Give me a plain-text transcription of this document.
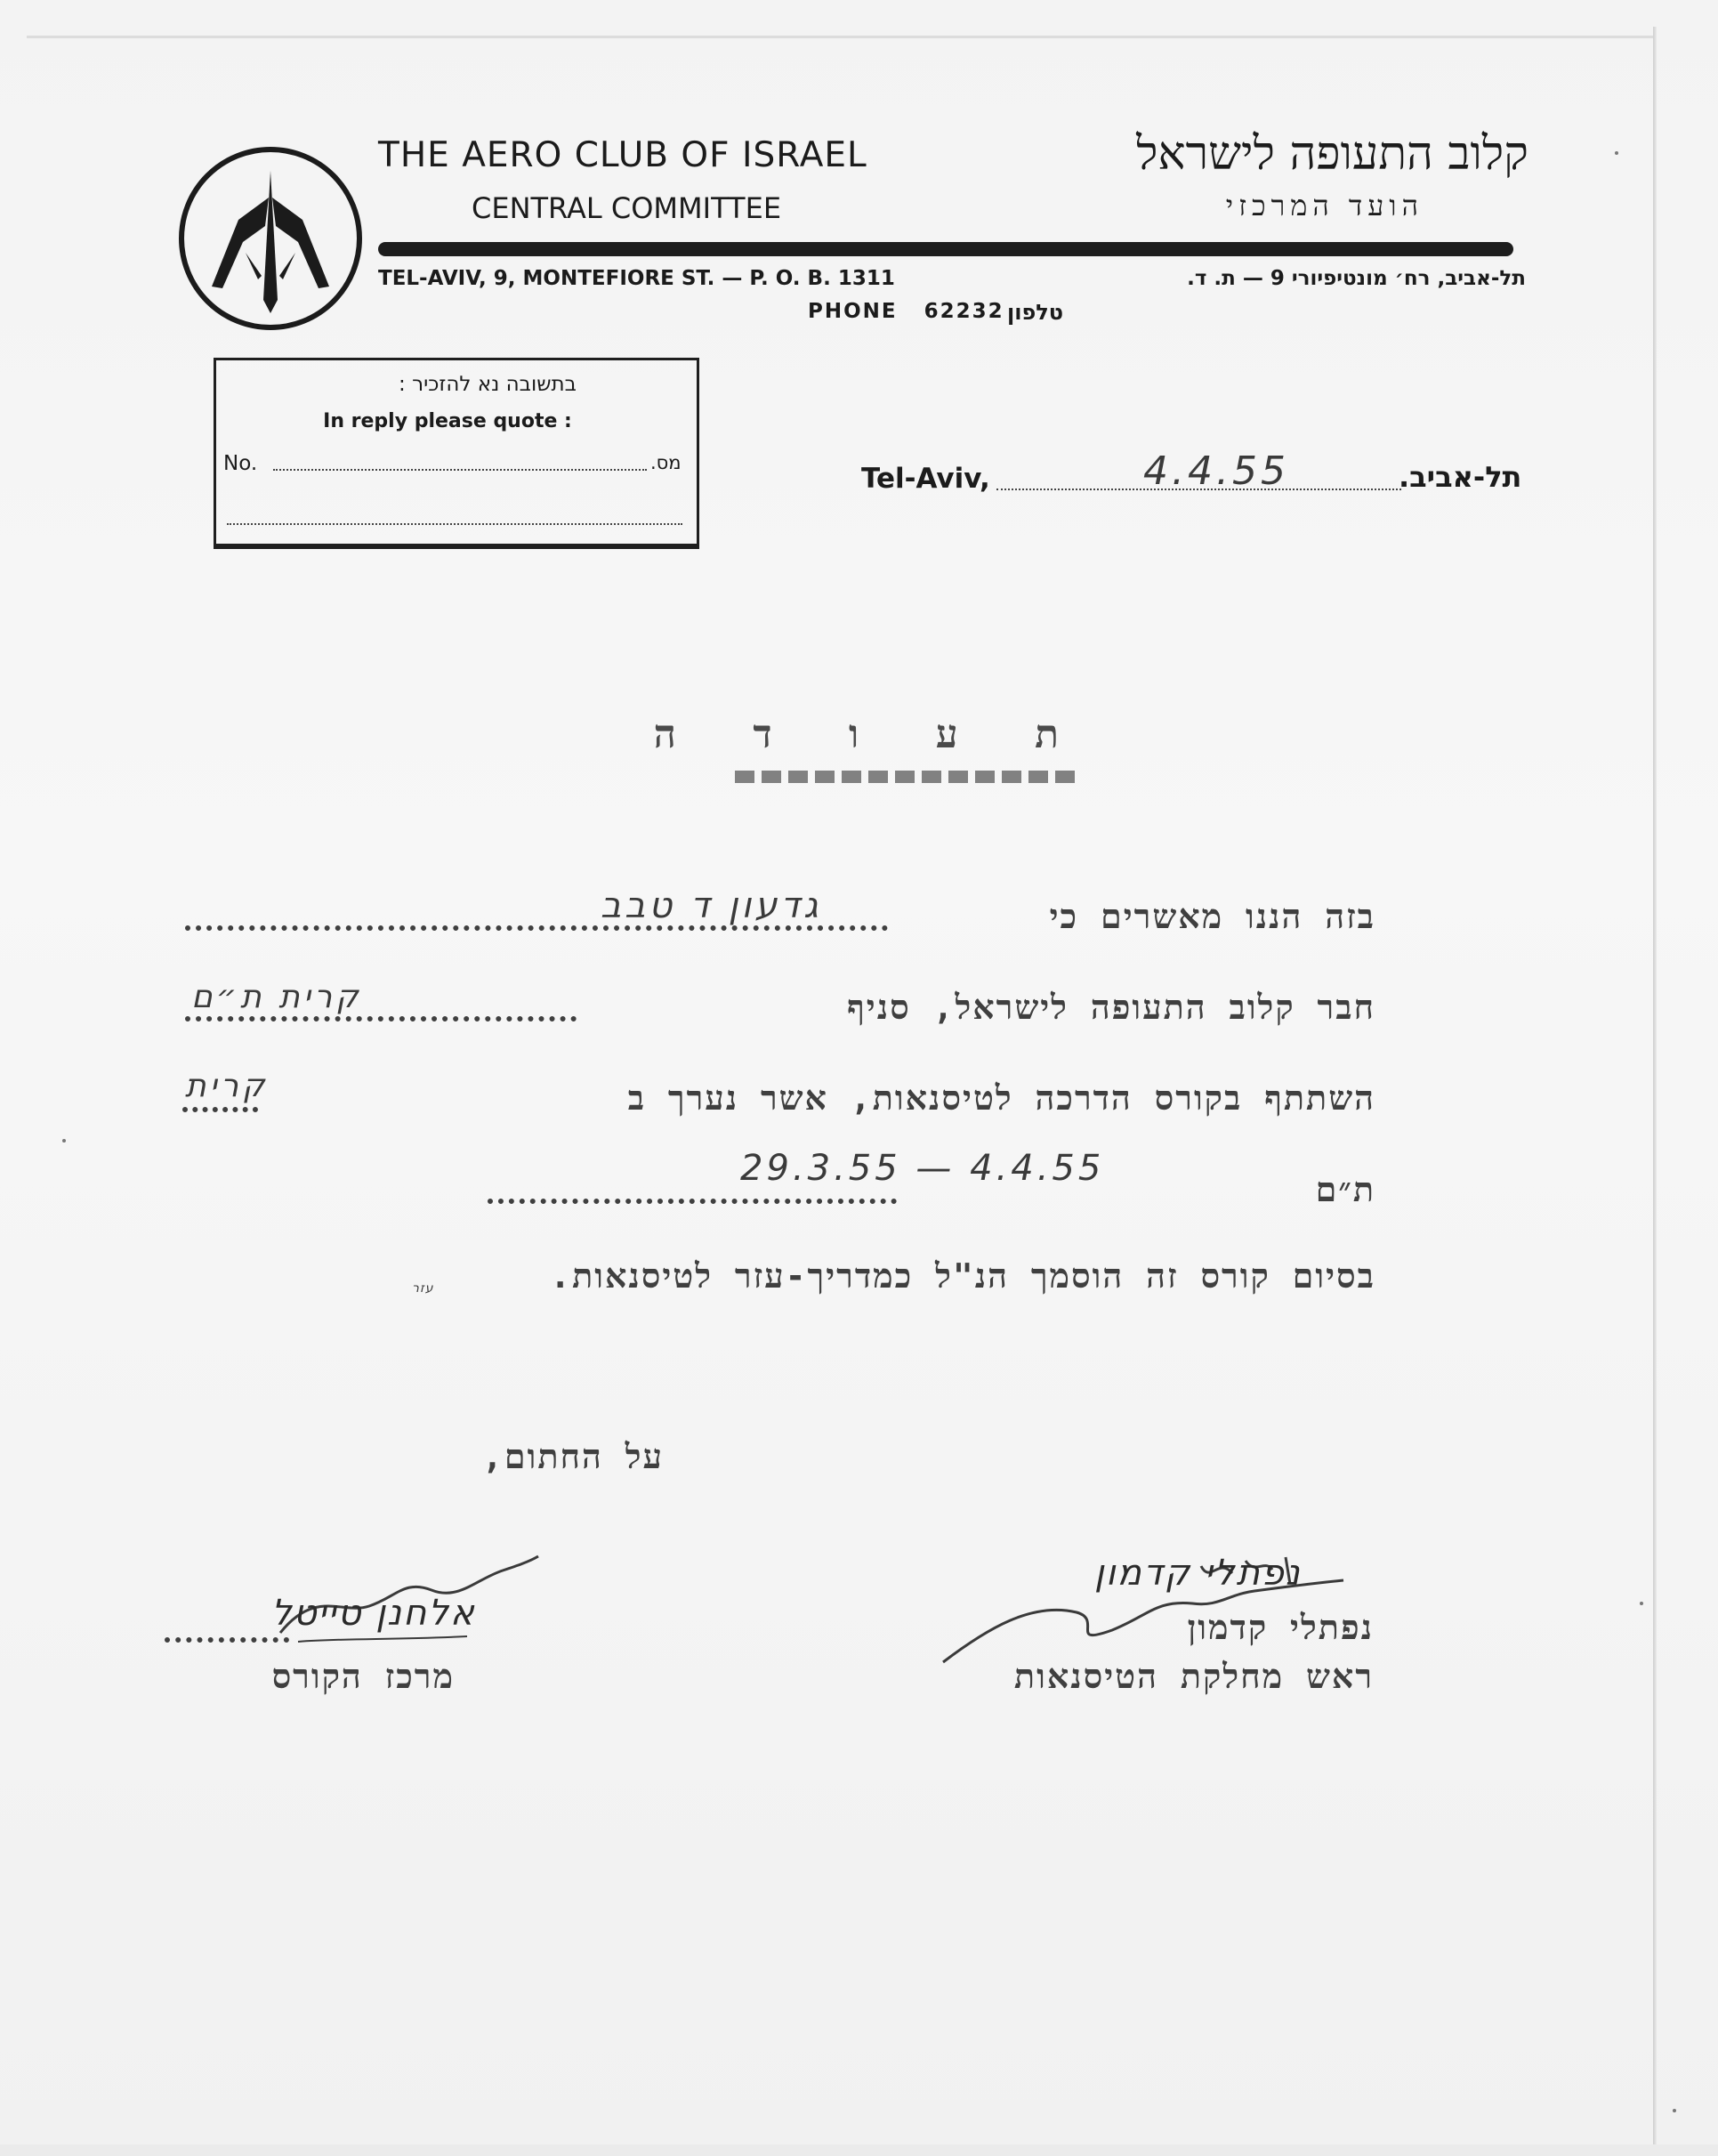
THE AERO CLUB OF ISRAEL
CENTRAL COMMITTEE
קלוב התעופה לישראל
הועד המרכזי
TEL-AVIV, 9, MONTEFIORE ST. — P. O. B. 1311	תל-אביב, רח׳ מונטיפיורי 9 — ת. ד.
PHONE 62232 טלפון
בתשובה נא להזכיר :
In reply please quote :
No.	מס.	Tel-Aviv,	4.4.55	תל-אביב.
ת ע ו ד ה
בזה הננו מאשרים כי
גדעון ד טבב
חבר קלוב התעופה לישראל, סניף
קרית ת״ם
השתתף בקורס הדרכה לטיסנאות, אשר נערך ב
קרית
ת״ם
29.3.55 — 4.4.55
בסיום קורס זה הוסמך הנ"ל כמדריך-עזר לטיסנאות.
עזר
על החתום,
נפתלי קדמון
נפתלי קדמון
ראש מחלקת הטיסנאות
אלחנן טייטל
מרכז הקורס
